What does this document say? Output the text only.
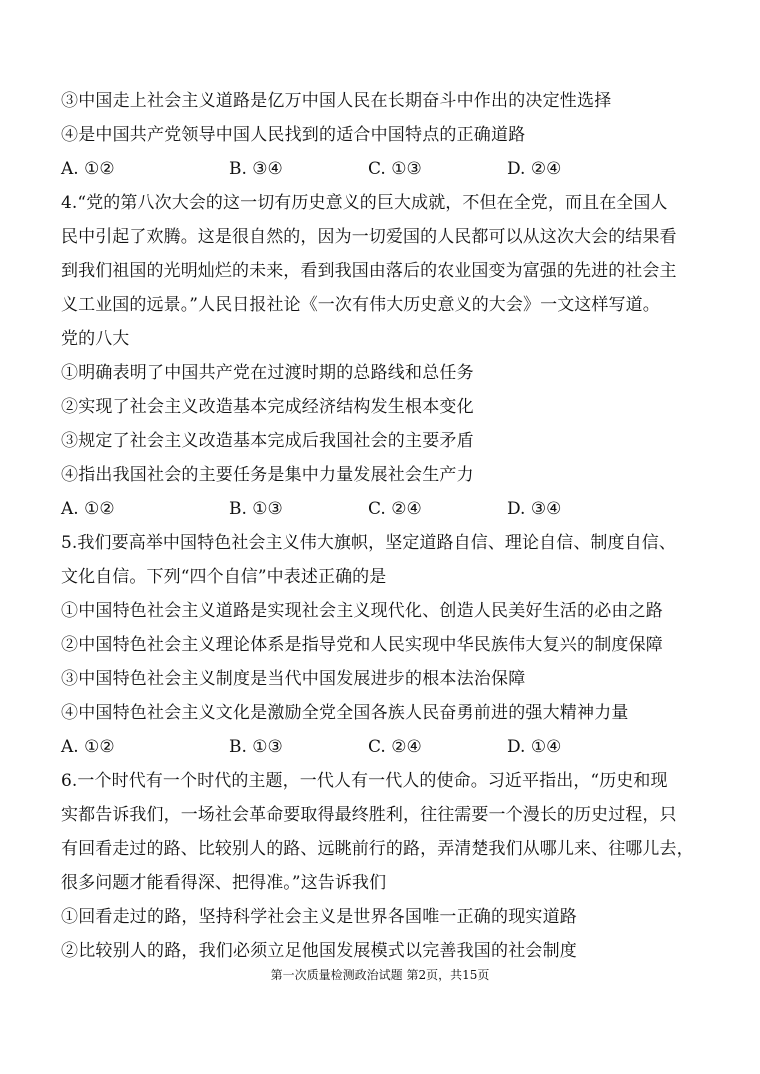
③中国走上社会主义道路是亿万中国人民在长期奋斗中作出的决定性选择
④是中国共产党领导中国人民找到的适合中国特点的正确道路
A. ①②	B. ③④	C. ①③	D. ②④
4.“党的第八次大会的这一切有历史意义的巨大成就，不但在全党，而且在全国人
民中引起了欢腾。这是很自然的，因为一切爱国的人民都可以从这次大会的结果看
到我们祖国的光明灿烂的未来，看到我国由落后的农业国变为富强的先进的社会主
义工业国的远景。”人民日报社论《一次有伟大历史意义的大会》一文这样写道。
党的八大
①明确表明了中国共产党在过渡时期的总路线和总任务
②实现了社会主义改造基本完成经济结构发生根本变化
③规定了社会主义改造基本完成后我国社会的主要矛盾
④指出我国社会的主要任务是集中力量发展社会生产力
A. ①②	B. ①③	C. ②④	D. ③④
5.我们要高举中国特色社会主义伟大旗帜，坚定道路自信、理论自信、制度自信、
文化自信。下列“四个自信”中表述正确的是
①中国特色社会主义道路是实现社会主义现代化、创造人民美好生活的必由之路
②中国特色社会主义理论体系是指导党和人民实现中华民族伟大复兴的制度保障
③中国特色社会主义制度是当代中国发展进步的根本法治保障
④中国特色社会主义文化是激励全党全国各族人民奋勇前进的强大精神力量
A. ①②	B. ①③	C. ②④	D. ①④
6.一个时代有一个时代的主题，一代人有一代人的使命。习近平指出，“历史和现
实都告诉我们，一场社会革命要取得最终胜利，往往需要一个漫长的历史过程，只
有回看走过的路、比较别人的路、远眺前行的路，弄清楚我们从哪儿来、往哪儿去，
很多问题才能看得深、把得准。”这告诉我们
①回看走过的路，坚持科学社会主义是世界各国唯一正确的现实道路
②比较别人的路，我们必须立足他国发展模式以完善我国的社会制度
第一次质量检测政治试题 第2页，共15页
